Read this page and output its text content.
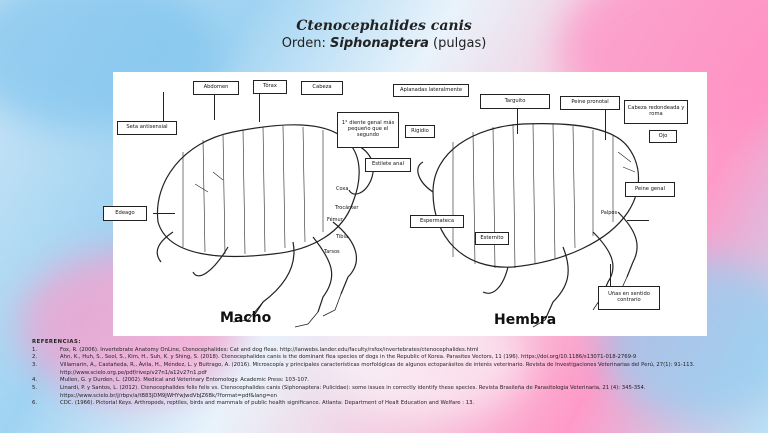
Ctenocephalides canis
Orden: Siphonaptera (pulgas)
Abdomen	Tórax	Cabeza
Seta antisensial
1° diente genal más pequeño que el segundo
Edeago
Coxa
Trocánter
Fémur
Tibia
Tarsos
Macho
Aplanadas lateralmente
Targuito	Peine pronotal
Cabeza redondeada y roma
Ojo
Rigidio
Estilete anal
Peine genal
Palpos
Espermateca
Esternito
Uñas en sentido contrario
Hembra
REFERENCIAS:
1.	Fox, R. (2006). Invertebrate Anatomy OnLine, Ctenocephalides: Cat and dog fleas. http://lanwebs.lander.edu/faculty/rsfox/invertebrates/ctenocephalides.html
2.	Ahn, K., Huh, S., Seol, S., Kim, H., Suh, K. y Shing, S. (2018). Ctenocephalides canis is the dominant flea species of dogs in the Republic of Korea. Parasites Vectors, 11 (196). https://doi.org/10.1186/s13071-018-2769-9
3.	Villamarin, A., Castañeda, R., Ávila, H., Méndez, L. y Buitrago, A. (2016). Microscopía y principales características morfológicas de algunos ectoparásitos de interés veterinario. Revista de Investigaciones Veterinarias del Perú, 27(1): 91-113. http://www.scielo.org.pe/pdf/rivep/v27n1/a12v27n1.pdf
4.	Mullen, G. y Durden, L. (2002). Medical and Veterinary Entomology. Academic Press: 103-107.
5.	Linardi, P. y Santos, L. (2012). Ctenocephalides felis felis vs. Ctenocephalides canis (Siphonaptera: Pulicidae): some issues in correctly identify these species. Revista Brasileña de Parasitologia Veterinaria, 21 (4): 345-354. https://www.scielo.br/j/rbpv/a/tB83jDM9JWHYwJwdVbJZ6Bk/?format=pdf&lang=en
6.	CDC. (1966). Pictorial Keys. Arthropods, reptiles, birds and mammals of public health significance. Atlanta: Department of Healt Education and Welfare : 13.
